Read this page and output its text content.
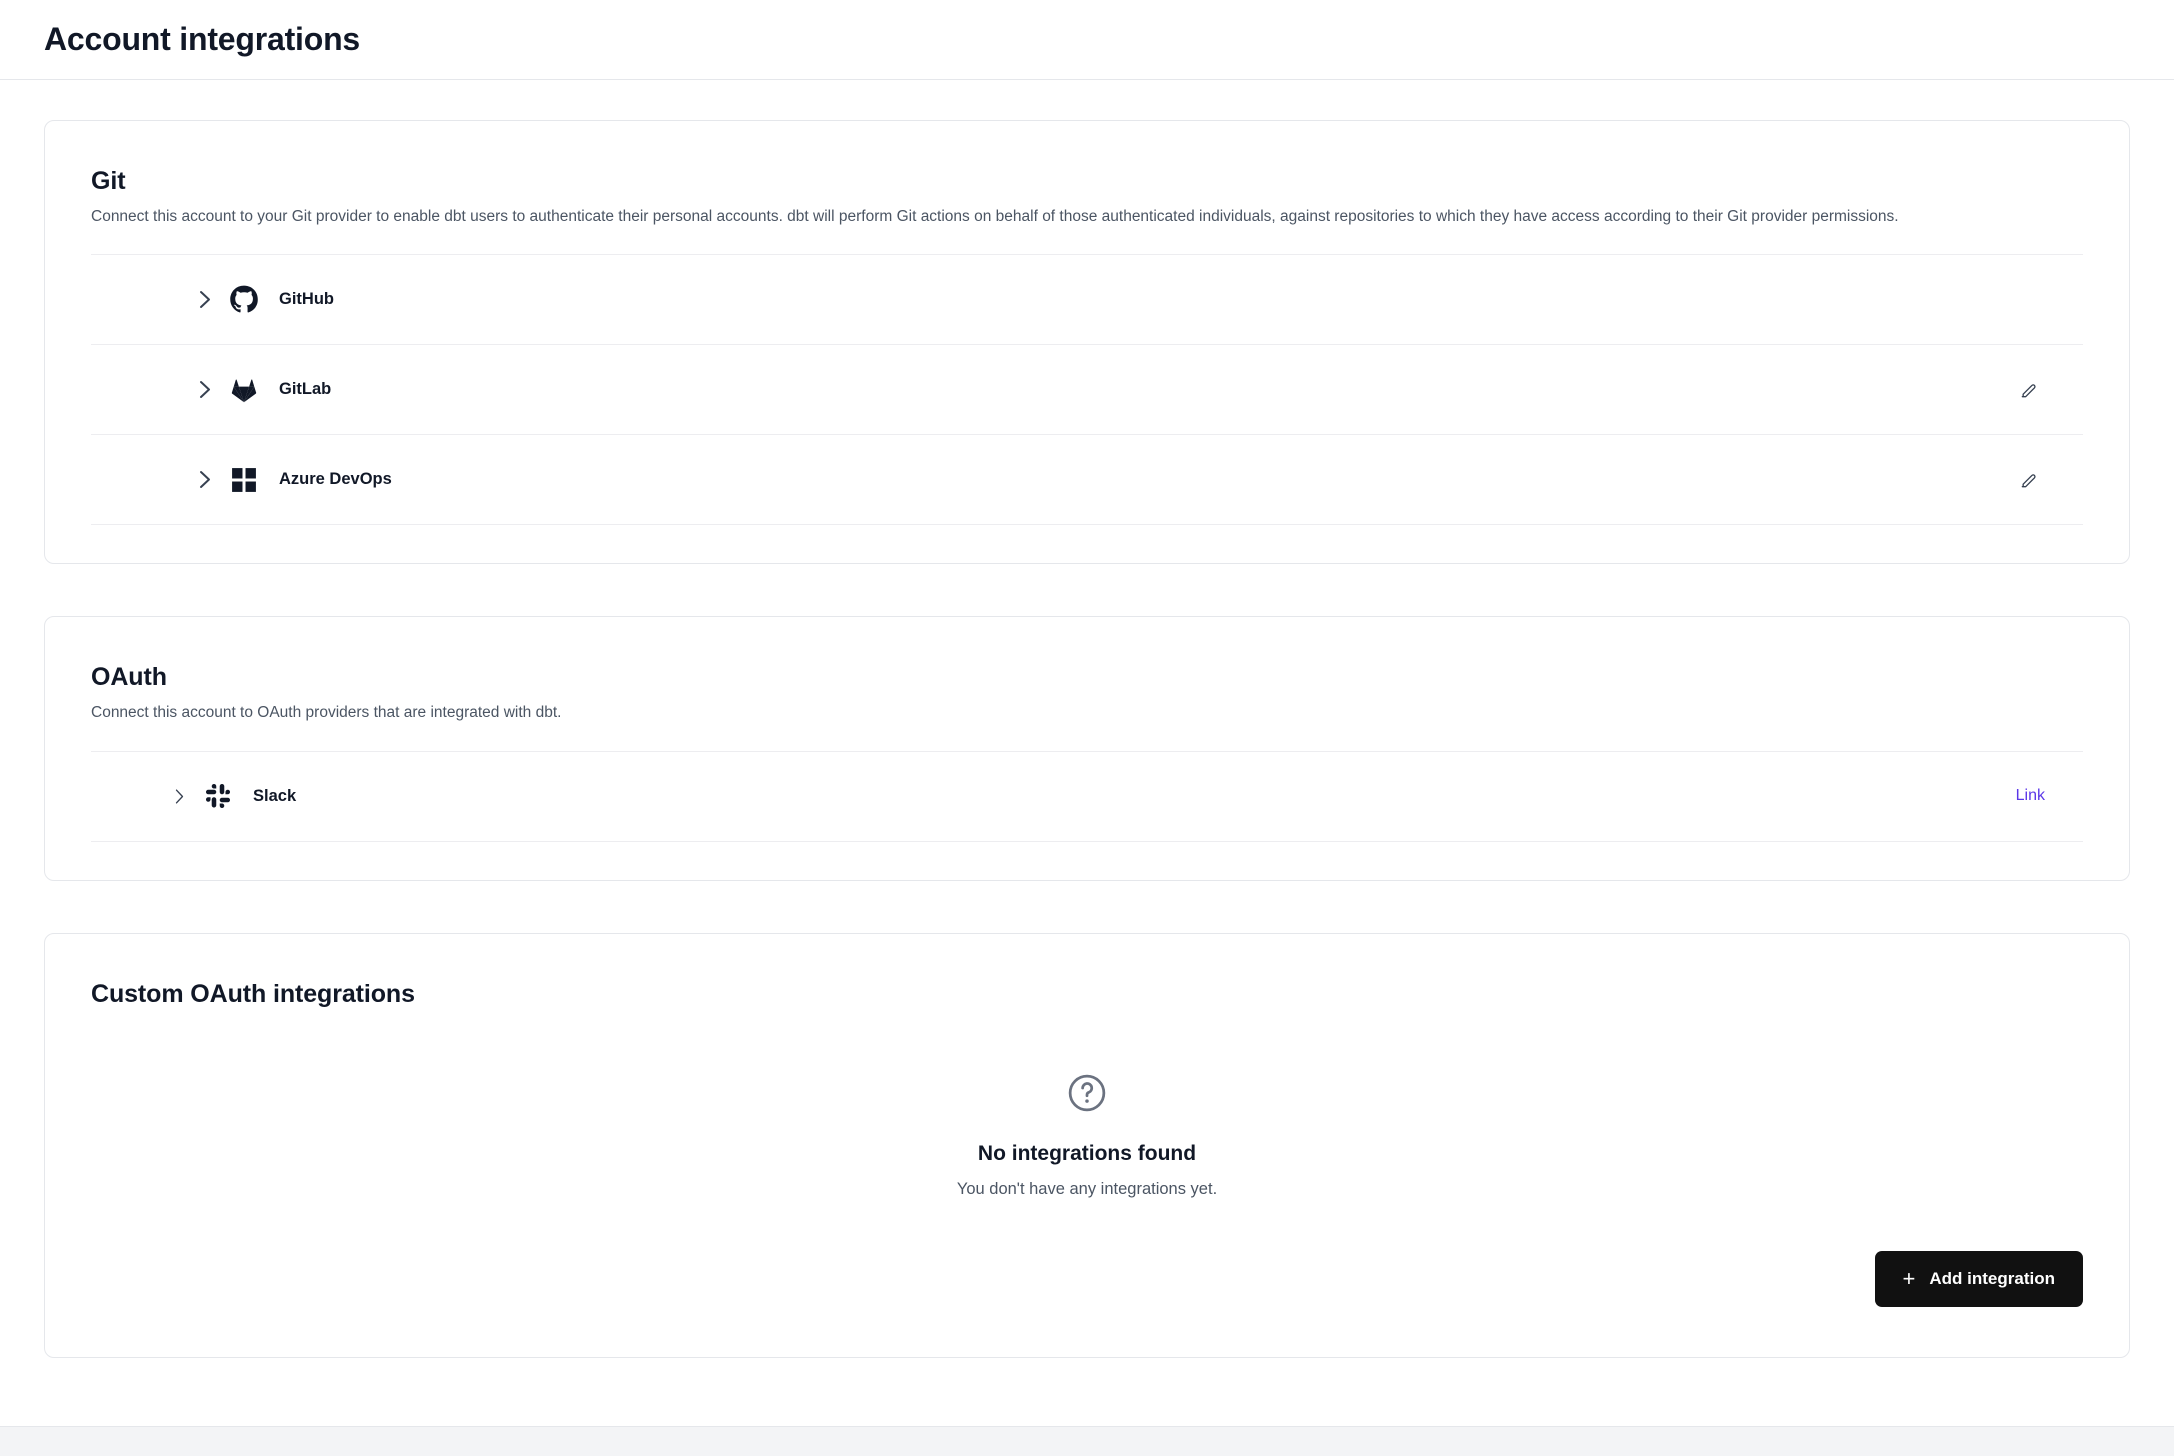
Account integrations
Git

Connect this account to your Git provider to enable dbt users to authenticate their personal accounts. dbt will perform Git actions on behalf of those authenticated individuals, against repositories to which they have access according to their Git provider permissions.

GitHub
GitLab
Azure DevOps
OAuth

Connect this account to OAuth providers that are integrated with dbt.

Slack	Link
Custom OAuth integrations
No integrations found
You don't have any integrations yet.
+ Add integration
